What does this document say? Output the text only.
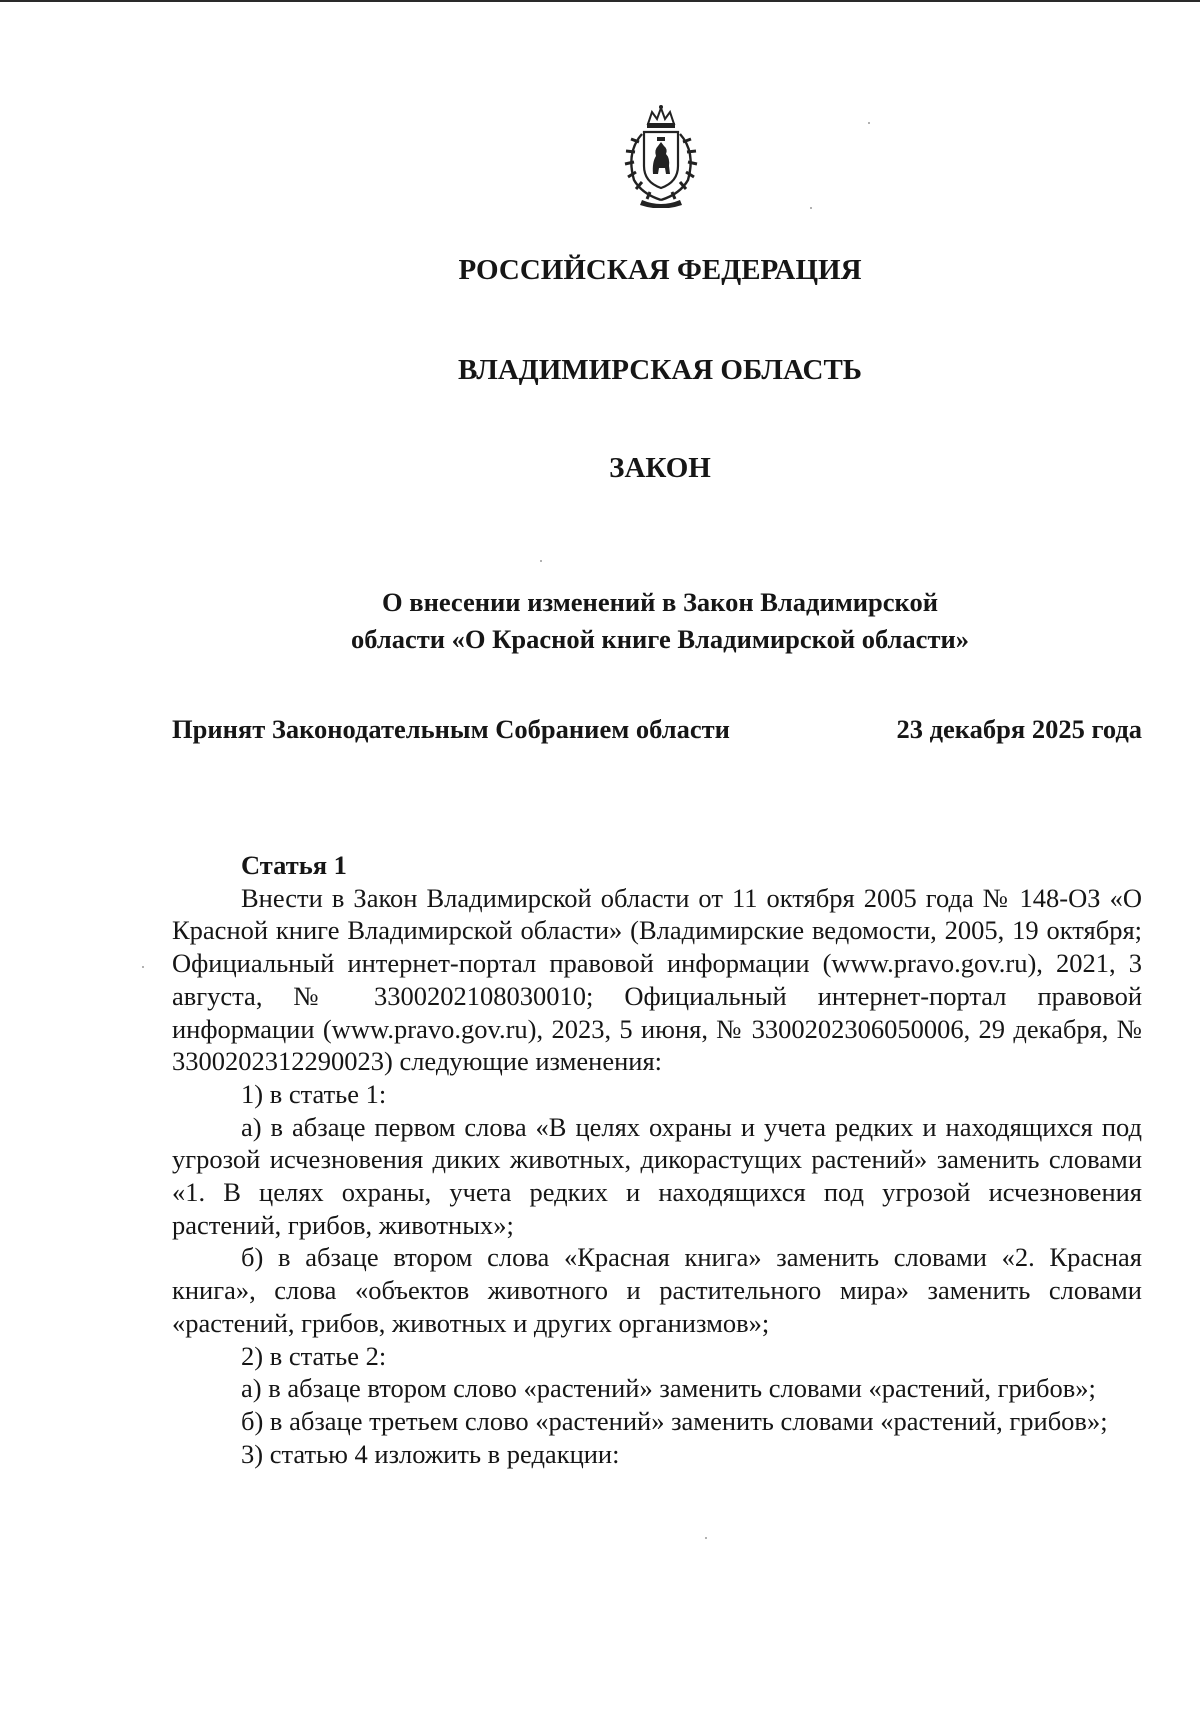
РОССИЙСКАЯ ФЕДЕРАЦИЯ
ВЛАДИМИРСКАЯ ОБЛАСТЬ
ЗАКОН
О внесении изменений в Закон Владимирской
области «О Красной книге Владимирской области»
Принят Законодательным Собранием области	23 декабря 2025 года

Статья 1

Внести в Закон Владимирской области от 11 октября 2005 года № 148-ОЗ «О Красной книге Владимирской области» (Владимирские ведомости, 2005, 19 октября; Официальный интернет-портал правовой информации (www.pravo.gov.ru), 2021, 3 августа, № 3300202108030010; Официальный интернет-портал правовой информации (www.pravo.gov.ru), 2023, 5 июня, № 3300202306050006, 29 декабря, № 3300202312290023) следующие изменения:

1) в статье 1:

а) в абзаце первом слова «В целях охраны и учета редких и находящихся под угрозой исчезновения диких животных, дикорастущих растений» заменить словами «1. В целях охраны, учета редких и находящихся под угрозой исчезновения растений, грибов, животных»;

б) в абзаце втором слова «Красная книга» заменить словами «2. Красная книга», слова «объектов животного и растительного мира» заменить словами «растений, грибов, животных и других организмов»;

2) в статье 2:

а) в абзаце втором слово «растений» заменить словами «растений, грибов»;

б) в абзаце третьем слово «растений» заменить словами «растений, грибов»;

3) статью 4 изложить в редакции:
